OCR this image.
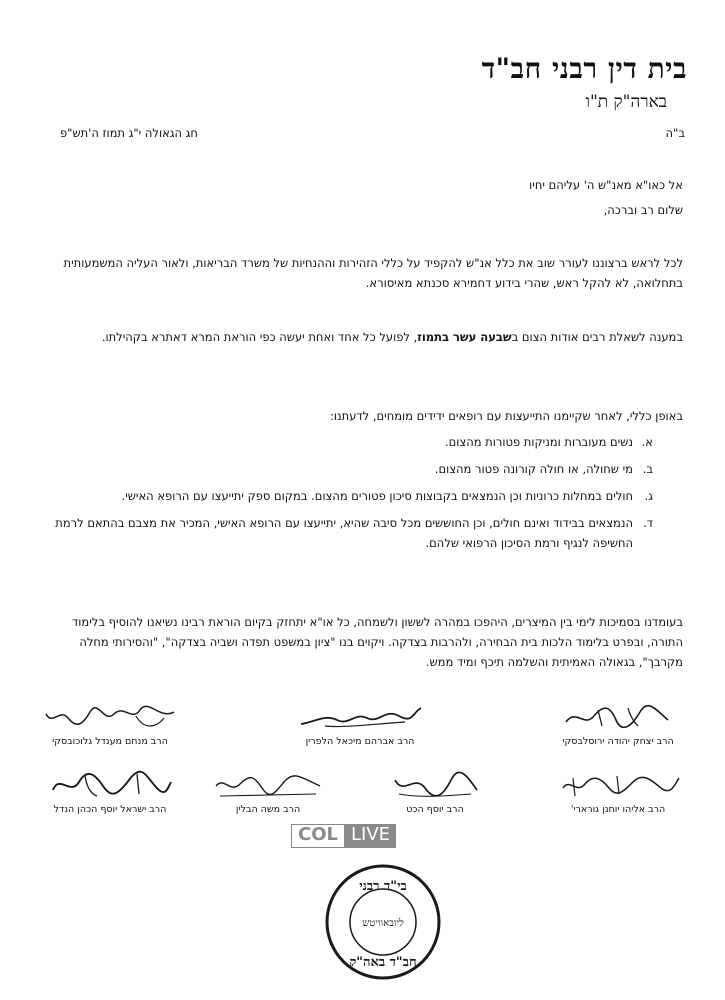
בית דין רבני חב"ד
בארה"ק ת"ו
ב"ה
חג הגאולה י"ג תמוז ה'תש"פ
אל כאו"א מאנ"ש ה' עליהם יחיו
שלום רב וברכה,

לכל לראש ברצוננו לעורר שוב את כלל אנ"ש להקפיד על כללי הזהירות וההנחיות של משרד הבריאות, ולאור העליה המשמעותית בתחלואה, לא להקל ראש, שהרי בידוע דחמירא סכנתא מאיסורא.

במענה לשאלת רבים אודות הצום בשבעה עשר בתמוז, לפועל כל אחד ואחת יעשה כפי הוראת המרא דאתרא בקהילתו.

באופן כללי, לאחר שקיימנו התייעצות עם רופאים ידידים מומחים, לדעתנו:

א.
נשים מעוברות ומניקות פטורות מהצום.
ב.
מי שחולה, או חולה קורונה פטור מהצום.
ג.
חולים במחלות כרוניות וכן הנמצאים בקבוצות סיכון פטורים מהצום. במקום ספק יתייעצו עם הרופא האישי.
ד.
הנמצאים בבידוד ואינם חולים, וכן החוששים מכל סיבה שהיא, יתייעצו עם הרופא האישי, המכיר את מצבם בהתאם לרמת החשיפה לנגיף ורמת הסיכון הרפואי שלהם.

בעומדנו בסמיכות לימי בין המיצרים, היהפכו במהרה לששון ולשמחה, כל או"א יתחזק בקיום הוראת רבינו נשיאנו להוסיף בלימוד התורה, ובפרט בלימוד הלכות בית הבחירה, ולהרבות בצדקה. ויקוים בנו "ציון במשפט תפדה ושביה בצדקה", "והסירותי מחלה מקרבך", בגאולה האמיתית והשלמה תיכף ומיד ממש.

הרב יצחק יהודה ירוסלבסקי
הרב אברהם מיכאל הלפרין
הרב מנחם מענדל גלוכובסקי
הרב אליהו יוחנן גורארי'
הרב יוסף הכט
הרב משה הבלין
הרב ישראל יוסף הכהן הנדל
COL LIVE
בי"ד רבני
ליובאוויטש
חב"ד באה"ק
